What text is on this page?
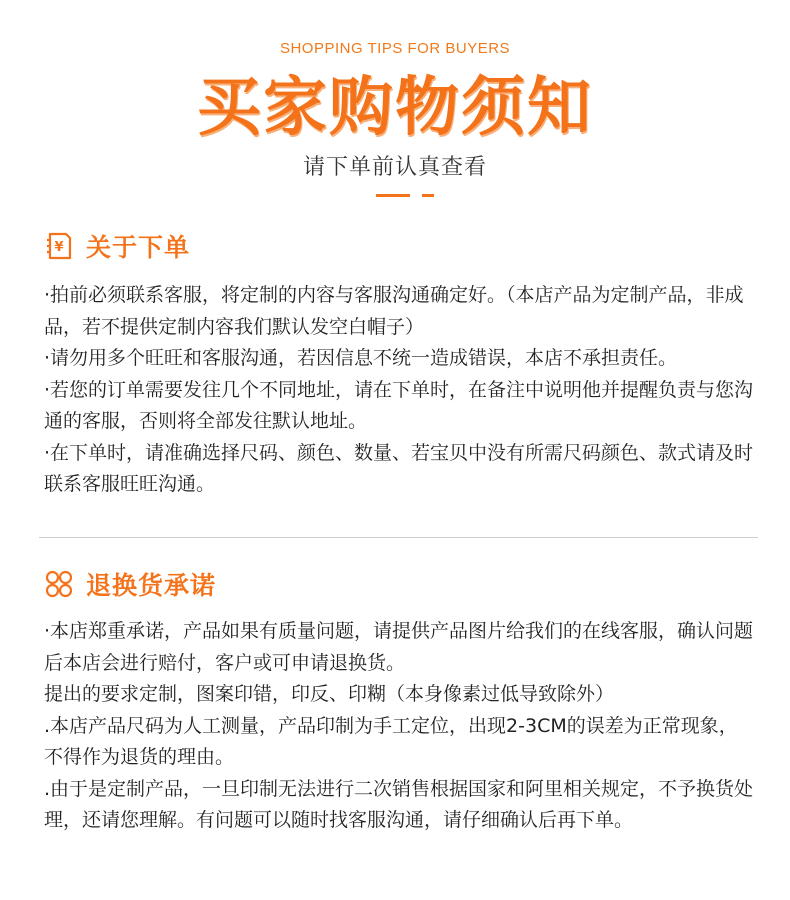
SHOPPING TIPS FOR BUYERS
买家购物须知
请下单前认真查看
¥ 关于下单

·拍前必须联系客服，将定制的内容与客服沟通确定好。（本店产品为定制产品，非成品，若不提供定制内容我们默认发空白帽子）

·请勿用多个旺旺和客服沟通，若因信息不统一造成错误，本店不承担责任。

·若您的订单需要发往几个不同地址，请在下单时，在备注中说明他并提醒负责与您沟通的客服，否则将全部发往默认地址。

·在下单时，请准确选择尺码、颜色、数量、若宝贝中没有所需尺码颜色、款式请及时联系客服旺旺沟通。

退换货承诺

·本店郑重承诺，产品如果有质量问题，请提供产品图片给我们的在线客服，确认问题后本店会进行赔付，客户或可申请退换货。

提出的要求定制，图案印错，印反、印糊（本身像素过低导致除外）

.本店产品尺码为人工测量，产品印制为手工定位，出现2-3CM的误差为正常现象，不得作为退货的理由。

.由于是定制产品，一旦印制无法进行二次销售根据国家和阿里相关规定，不予换货处理，还请您理解。有问题可以随时找客服沟通，请仔细确认后再下单。
